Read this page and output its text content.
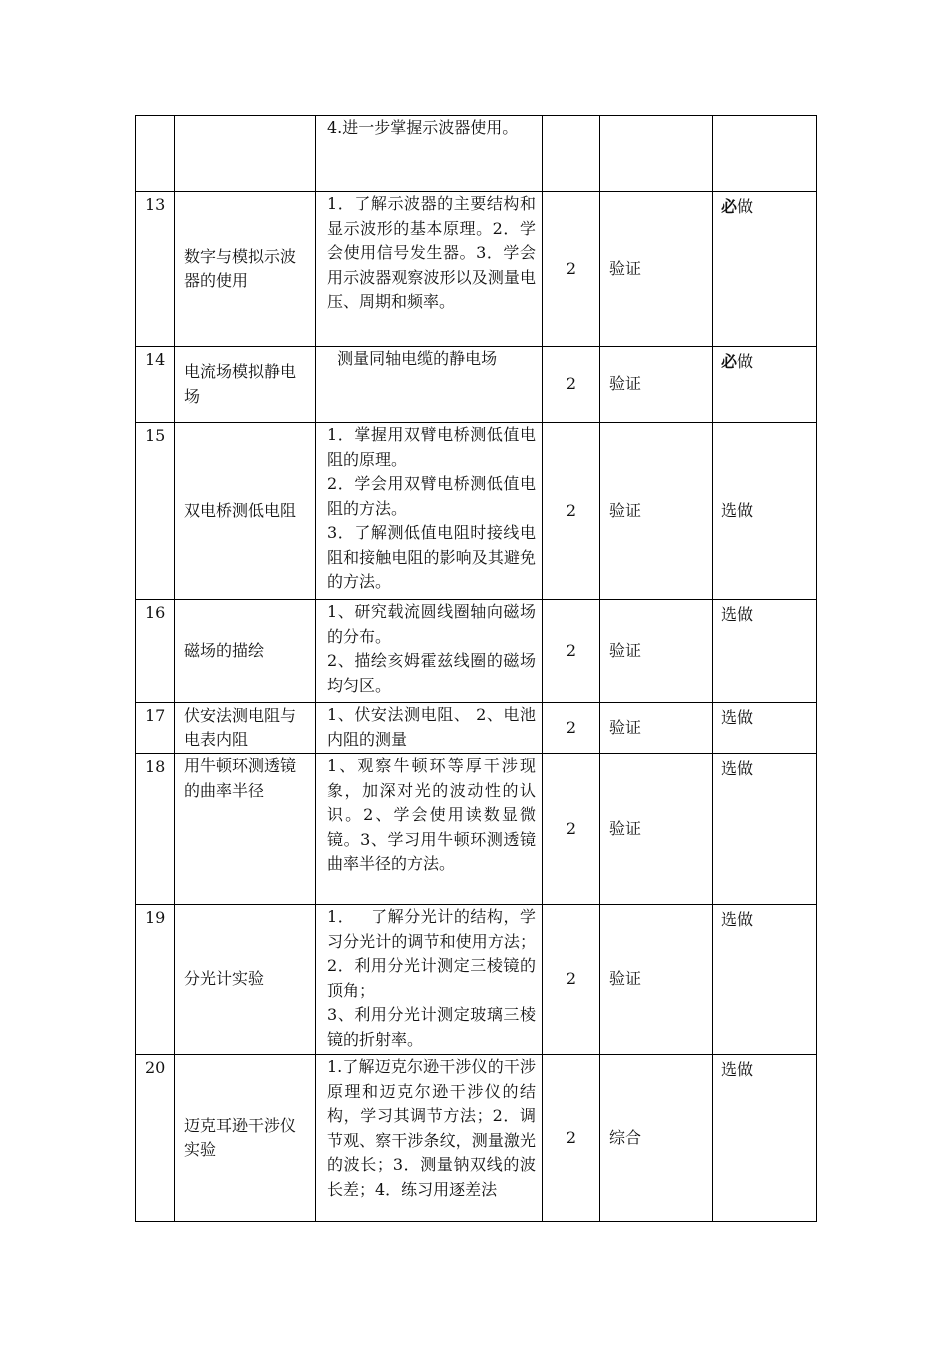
		4.进一步掌握示波器使用。			

13	数字与模拟示波器的使用	1．了解示波器的主要结构和显示波形的基本原理。2．学会使用信号发生器。3．学会用示波器观察波形以及测量电压、周期和频率。	2	验证	必做
14	电流场模拟静电场	测量同轴电缆的静电场	2	验证	必做
15	双电桥测低电阻	1．掌握用双臂电桥测低值电阻的原理。
2．学会用双臂电桥测低值电阻的方法。
3．了解测低值电阻时接线电阻和接触电阻的影响及其避免的方法。	2	验证	选做
16	磁场的描绘	1、研究载流圆线圈轴向磁场的分布。
2、描绘亥姆霍兹线圈的磁场均匀区。	2	验证	选做
17	伏安法测电阻与电表内阻	1、伏安法测电阻、 2、电池内阻的测量	2	验证	选做
18	用牛顿环测透镜的曲率半径	1、观察牛顿环等厚干涉现象，加深对光的波动性的认识。2、学会使用读数显微镜。3、学习用牛顿环测透镜曲率半径的方法。	2	验证	选做
19	分光计实验	1．   了解分光计的结构，学习分光计的调节和使用方法；2．利用分光计测定三棱镜的顶角；
3、利用分光计测定玻璃三棱镜的折射率。	2	验证	选做
20	迈克耳逊干涉仪实验	1.了解迈克尔逊干涉仪的干涉原理和迈克尔逊干涉仪的结构，学习其调节方法；2．调节观、察干涉条纹，测量激光的波长；3．测量钠双线的波长差；4．练习用逐差法	2	综合	选做
